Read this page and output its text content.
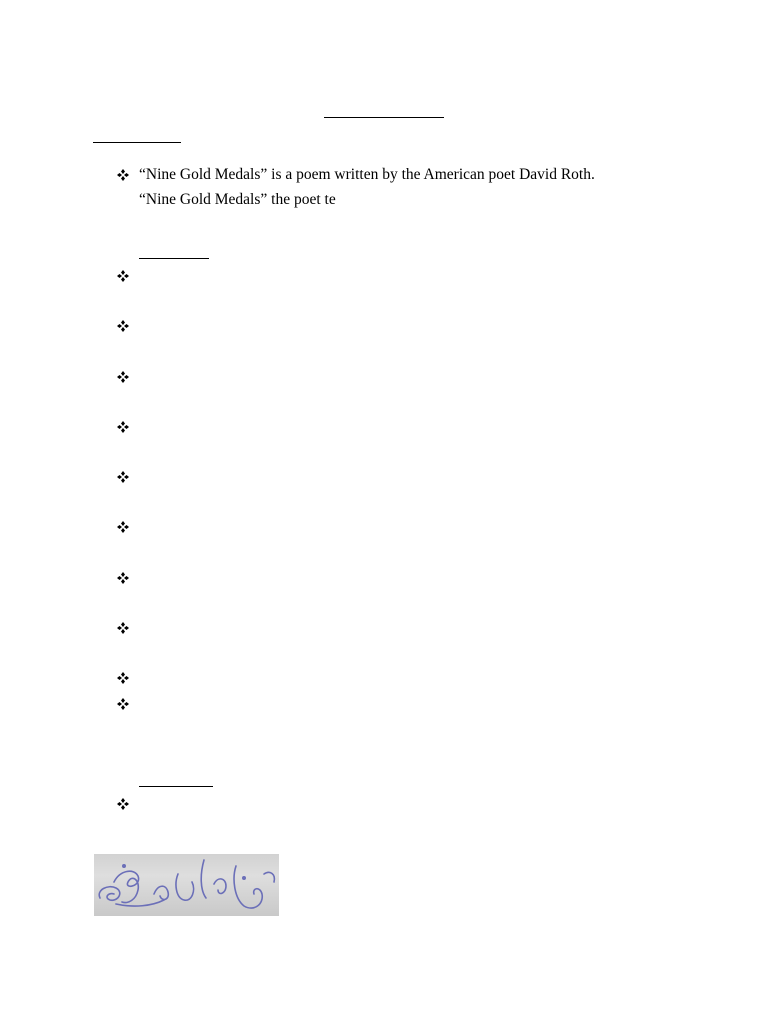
“Nine Gold Medals” is a poem written by the American poet David Roth.
“Nine Gold Medals” the poet te
